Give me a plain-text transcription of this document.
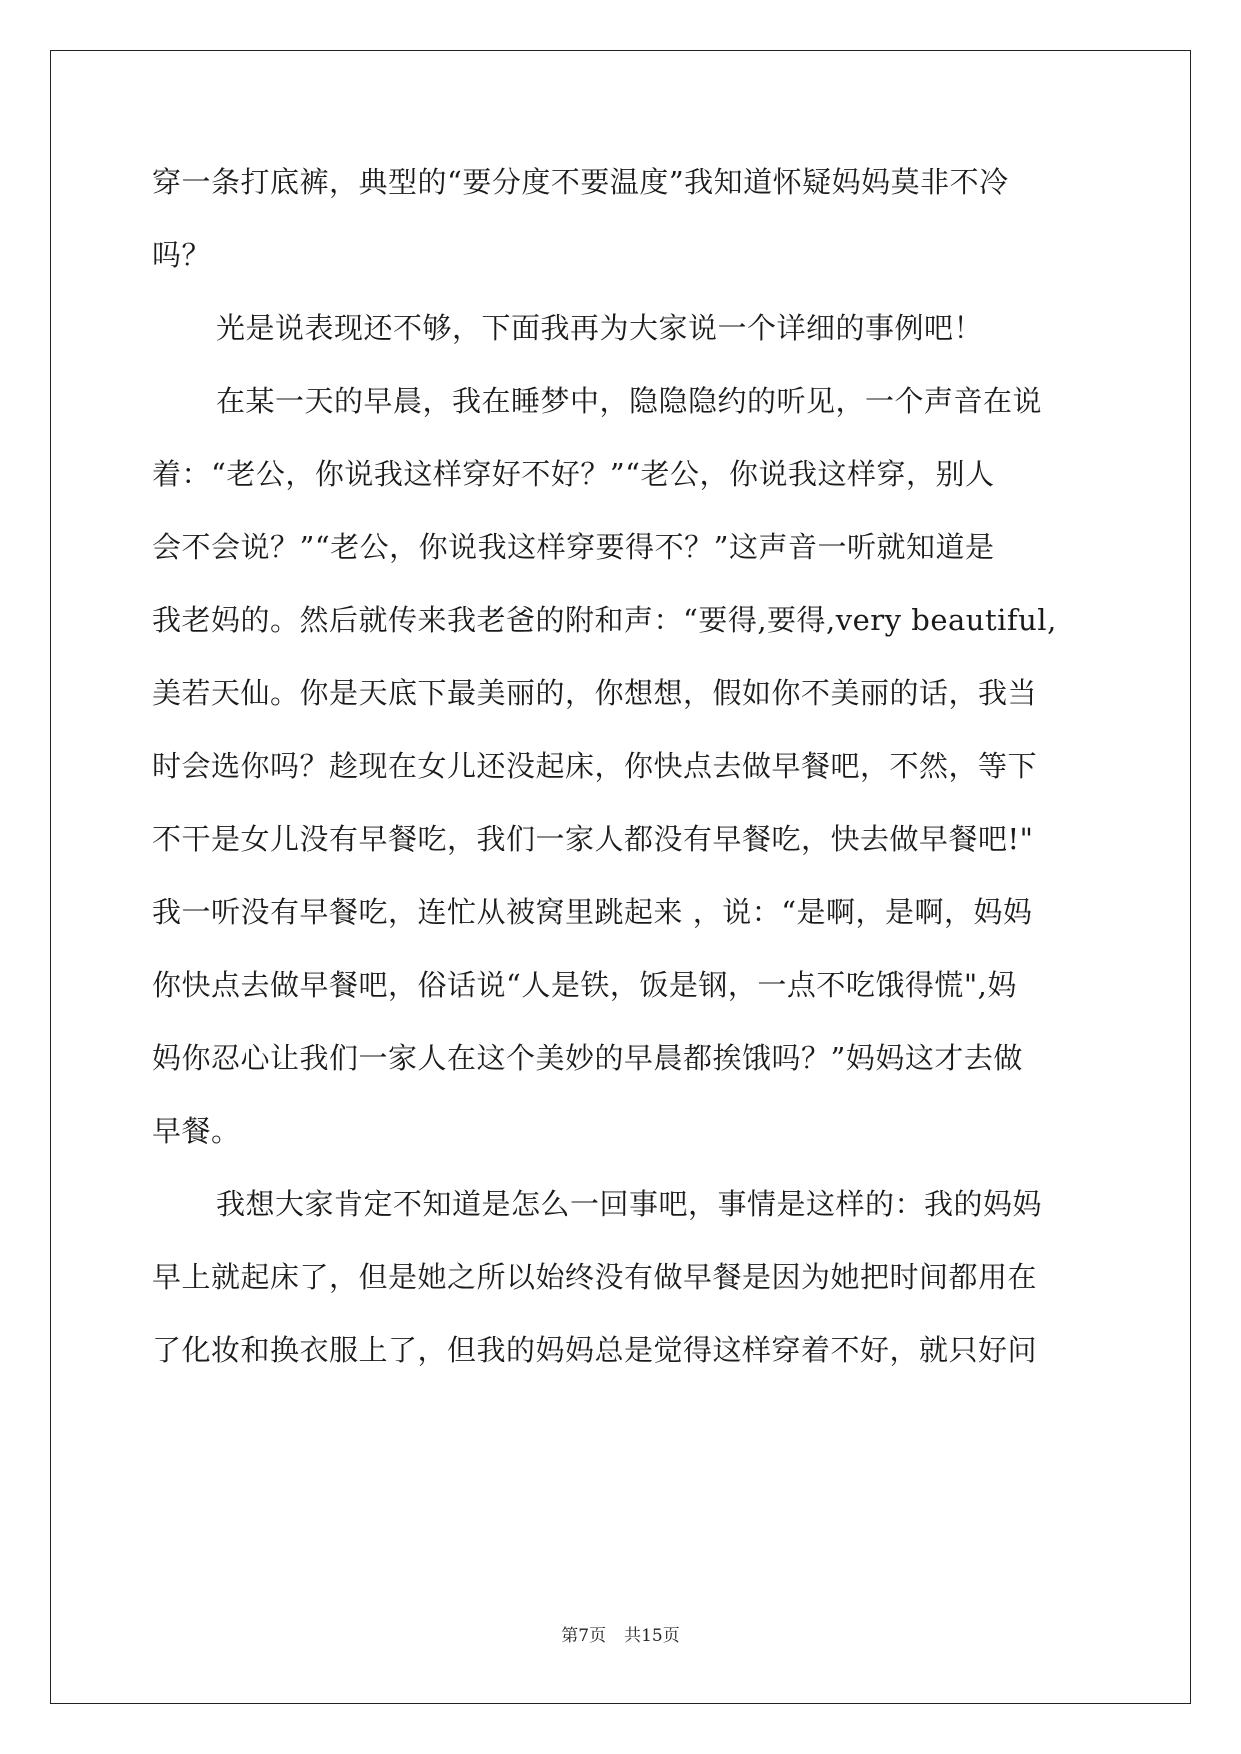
穿一条打底裤，典型的“要分度不要温度”我知道怀疑妈妈莫非不冷
吗？
光是说表现还不够，下面我再为大家说一个详细的事例吧！
在某一天的早晨，我在睡梦中，隐隐隐约的听见，一个声音在说
着：“老公，你说我这样穿好不好？”“老公，你说我这样穿，别人
会不会说？”“老公，你说我这样穿要得不？”这声音一听就知道是
我老妈的。然后就传来我老爸的附和声：“要得,要得,very beautiful,
美若天仙。你是天底下最美丽的，你想想，假如你不美丽的话，我当
时会选你吗？趁现在女儿还没起床，你快点去做早餐吧，不然，等下
不干是女儿没有早餐吃，我们一家人都没有早餐吃，快去做早餐吧!"
我一听没有早餐吃，连忙从被窝里跳起来 ，说：“是啊，是啊，妈妈
你快点去做早餐吧，俗话说“人是铁，饭是钢，一点不吃饿得慌",妈
妈你忍心让我们一家人在这个美妙的早晨都挨饿吗？”妈妈这才去做
早餐。
我想大家肯定不知道是怎么一回事吧，事情是这样的：我的妈妈
早上就起床了，但是她之所以始终没有做早餐是因为她把时间都用在
了化妆和换衣服上了，但我的妈妈总是觉得这样穿着不好，就只好问
第7页 共15页
